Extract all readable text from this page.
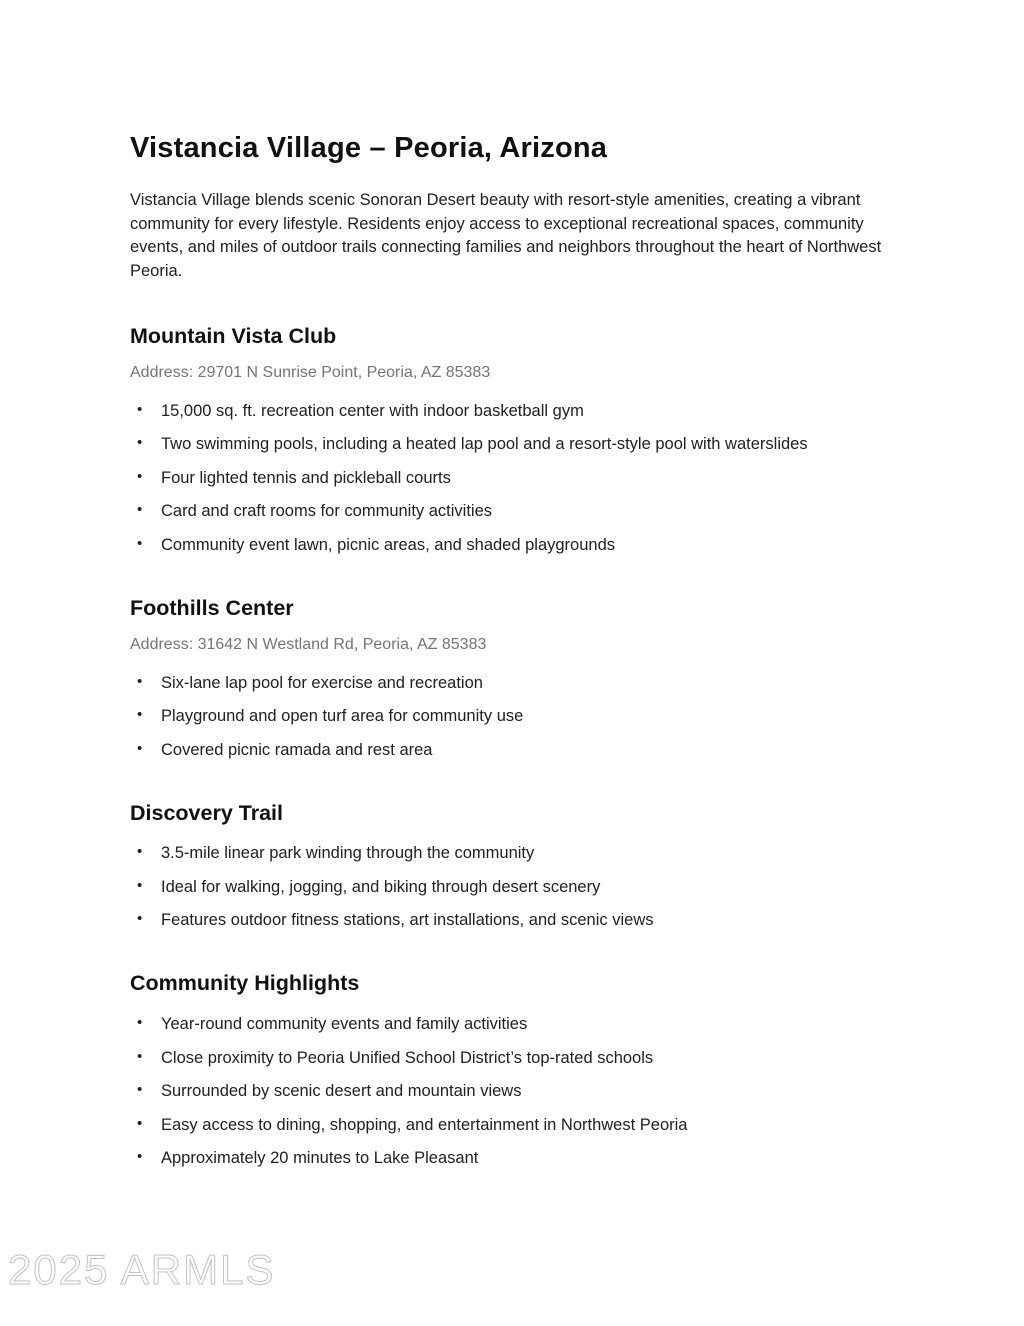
Vistancia Village – Peoria, Arizona

Vistancia Village blends scenic Sonoran Desert beauty with resort-style amenities, creating a vibrant community for every lifestyle. Residents enjoy access to exceptional recreational spaces, community events, and miles of outdoor trails connecting families and neighbors throughout the heart of Northwest Peoria.

Mountain Vista Club

Address: 29701 N Sunrise Point, Peoria, AZ 85383

• 15,000 sq. ft. recreation center with indoor basketball gym
• Two swimming pools, including a heated lap pool and a resort-style pool with waterslides
• Four lighted tennis and pickleball courts
• Card and craft rooms for community activities
• Community event lawn, picnic areas, and shaded playgrounds
Foothills Center

Address: 31642 N Westland Rd, Peoria, AZ 85383

• Six-lane lap pool for exercise and recreation
• Playground and open turf area for community use
• Covered picnic ramada and rest area
Discovery Trail
• 3.5-mile linear park winding through the community
• Ideal for walking, jogging, and biking through desert scenery
• Features outdoor fitness stations, art installations, and scenic views
Community Highlights
• Year-round community events and family activities
• Close proximity to Peoria Unified School District’s top-rated schools
• Surrounded by scenic desert and mountain views
• Easy access to dining, shopping, and entertainment in Northwest Peoria
• Approximately 20 minutes to Lake Pleasant
2025 ARMLS
